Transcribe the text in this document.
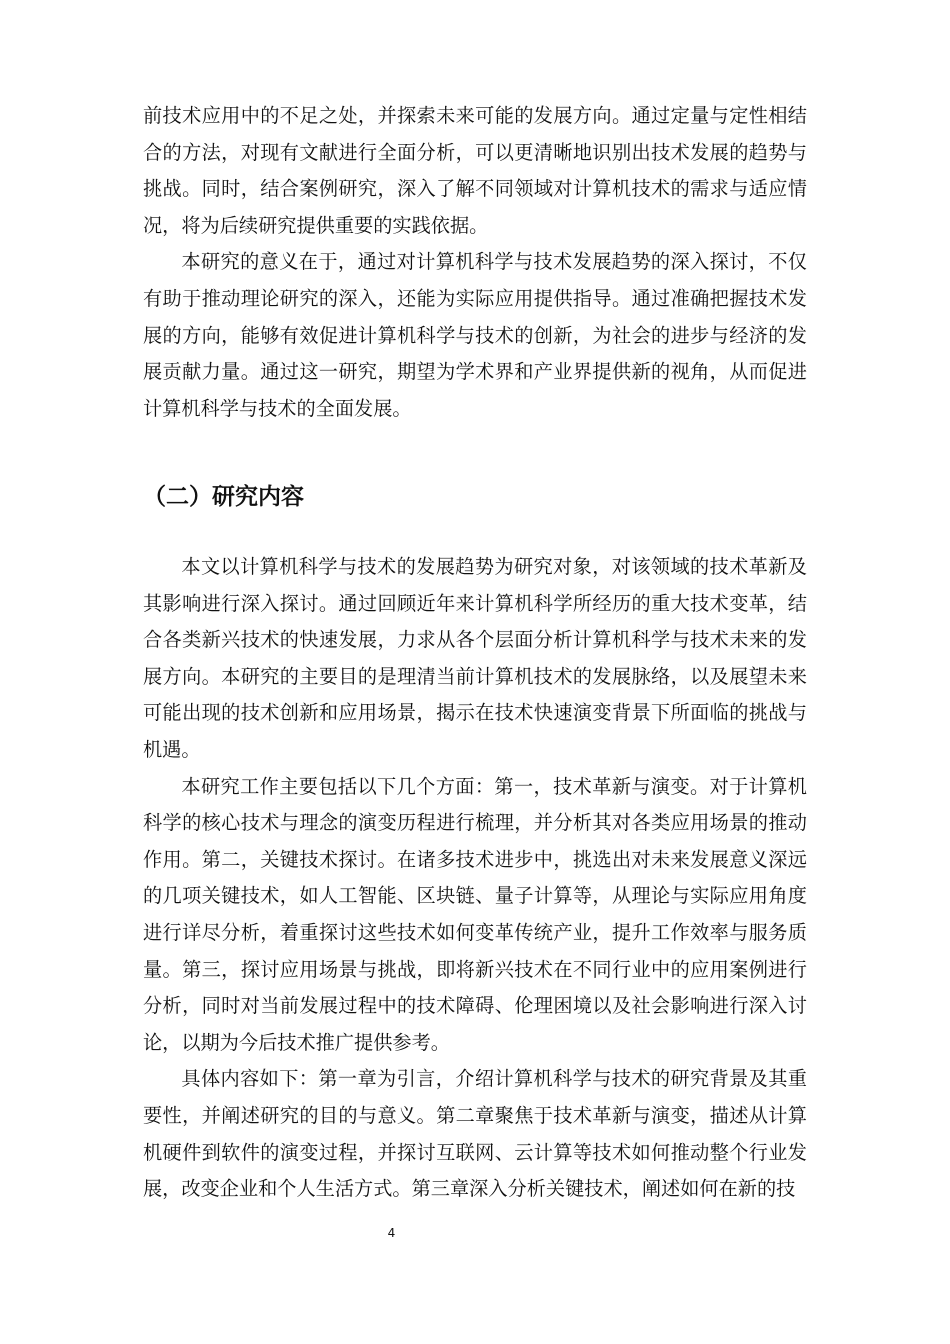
前技术应用中的不足之处，并探索未来可能的发展方向。通过定量与定性相结合的方法，对现有文献进行全面分析，可以更清晰地识别出技术发展的趋势与挑战。同时，结合案例研究，深入了解不同领域对计算机技术的需求与适应情况，将为后续研究提供重要的实践依据。

本研究的意义在于，通过对计算机科学与技术发展趋势的深入探讨，不仅有助于推动理论研究的深入，还能为实际应用提供指导。通过准确把握技术发展的方向，能够有效促进计算机科学与技术的创新，为社会的进步与经济的发展贡献力量。通过这一研究，期望为学术界和产业界提供新的视角，从而促进计算机科学与技术的全面发展。

（二）研究内容

本文以计算机科学与技术的发展趋势为研究对象，对该领域的技术革新及其影响进行深入探讨。通过回顾近年来计算机科学所经历的重大技术变革，结合各类新兴技术的快速发展，力求从各个层面分析计算机科学与技术未来的发展方向。本研究的主要目的是理清当前计算机技术的发展脉络，以及展望未来可能出现的技术创新和应用场景，揭示在技术快速演变背景下所面临的挑战与机遇。

本研究工作主要包括以下几个方面：第一，技术革新与演变。对于计算机科学的核心技术与理念的演变历程进行梳理，并分析其对各类应用场景的推动作用。第二，关键技术探讨。在诸多技术进步中，挑选出对未来发展意义深远的几项关键技术，如人工智能、区块链、量子计算等，从理论与实际应用角度进行详尽分析，着重探讨这些技术如何变革传统产业，提升工作效率与服务质量。第三，探讨应用场景与挑战，即将新兴技术在不同行业中的应用案例进行分析，同时对当前发展过程中的技术障碍、伦理困境以及社会影响进行深入讨论，以期为今后技术推广提供参考。

具体内容如下：第一章为引言，介绍计算机科学与技术的研究背景及其重要性，并阐述研究的目的与意义。第二章聚焦于技术革新与演变，描述从计算机硬件到软件的演变过程，并探讨互联网、云计算等技术如何推动整个行业发展，改变企业和个人生活方式。第三章深入分析关键技术，阐述如何在新的技

4
